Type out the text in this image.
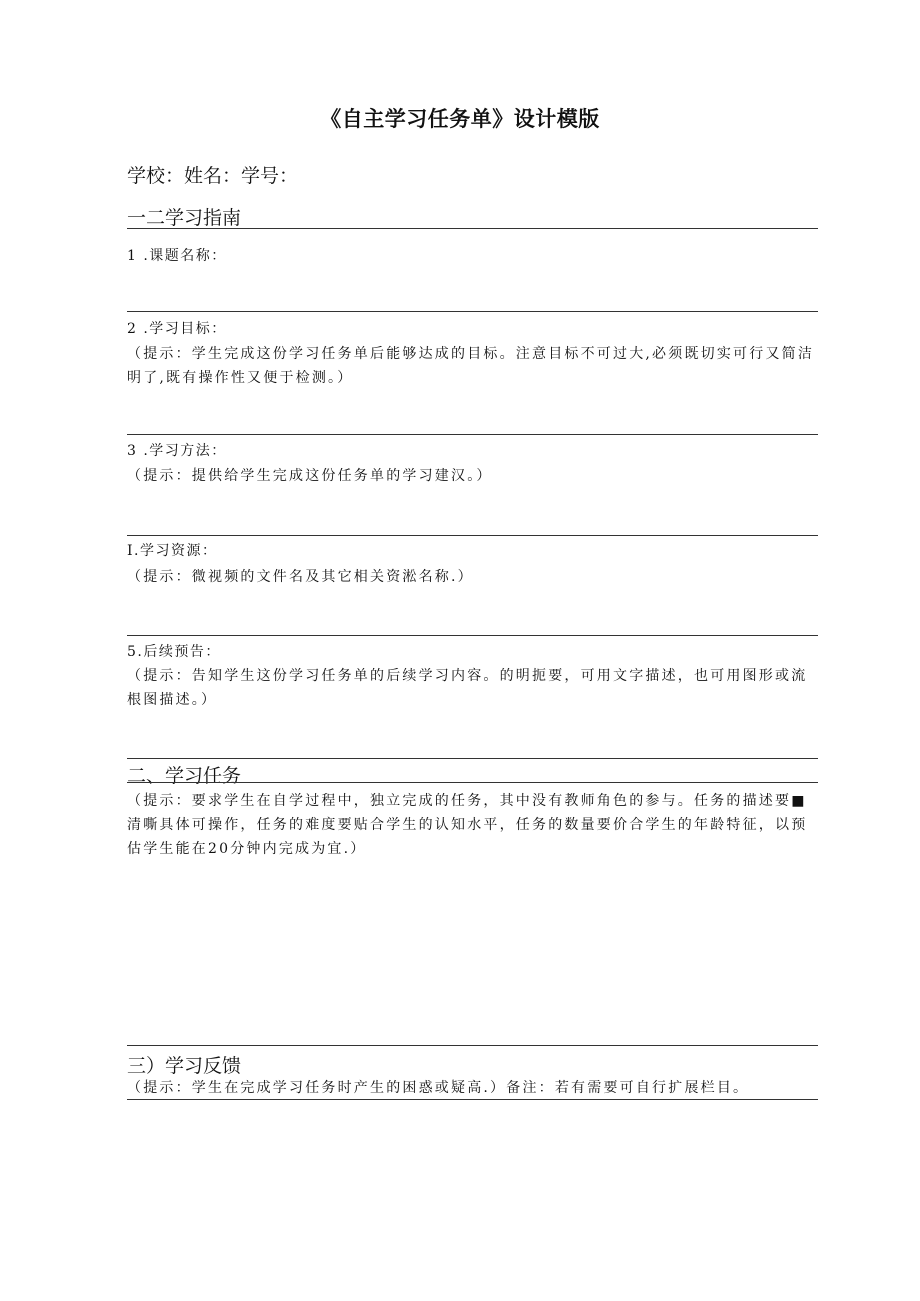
《自主学习任务单》设计模版
学校：姓名：学号：
一二学习指南
1 .课题名称：
2 .学习目标：
（提示：学生完成这份学习任务单后能够达成的目标。注意目标不可过大,必须既切实可行又简洁明了,既有操作性又便于检测。）
3 .学习方法：
（提示：提供给学生完成这份任务单的学习建汉。）
I.学习资源：
（提示：微视频的文件名及其它相关资淞名称.）
5.后续预告：
（提示：告知学生这份学习任务单的后续学习内容。的明扼要，可用文字描述，也可用图形或流根图描述。）
二、学习任务
（提示：要求学生在自学过程中，独立完成的任务，其中没有教师角色的参与。任务的描述要■清嘶具体可操作，任务的难度要贴合学生的认知水平，任务的数量要价合学生的年龄特征，以预估学生能在20分钟内完成为宜.）
三）学习反馈
（提示：学生在完成学习任务时产生的困惑或疑高.）备注：若有需要可自行扩展栏目。
